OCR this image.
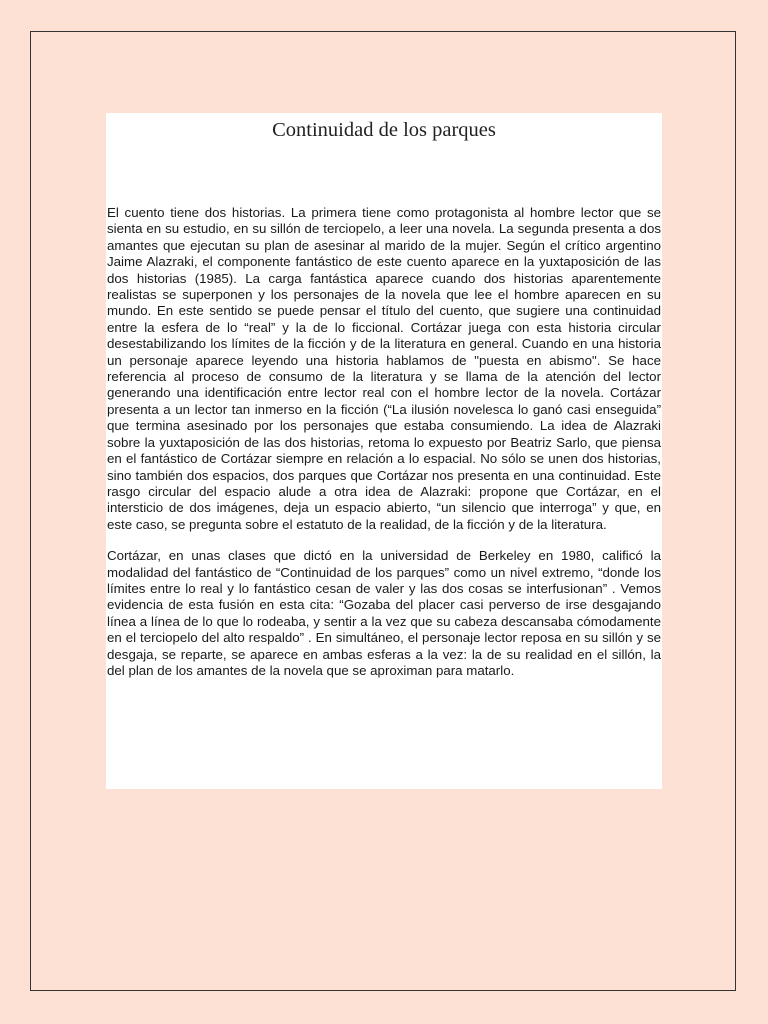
Continuidad de los parques

El cuento tiene dos historias. La primera tiene como protagonista al hombre lector que se sienta en su estudio, en su sillón de terciopelo, a leer una novela. La segunda presenta a dos amantes que ejecutan su plan de asesinar al marido de la mujer. Según el crítico argentino Jaime Alazraki, el componente fantástico de este cuento aparece en la yuxtaposición de las dos historias (1985). La carga fantástica aparece cuando dos historias aparentemente realistas se superponen y los personajes de la novela que lee el hombre aparecen en su mundo. En este sentido se puede pensar el título del cuento, que sugiere una continuidad entre la esfera de lo “real” y la de lo ficcional. Cortázar juega con esta historia circular desestabilizando los límites de la ficción y de la literatura en general. Cuando en una historia un personaje aparece leyendo una historia hablamos de "puesta en abismo". Se hace referencia al proceso de consumo de la literatura y se llama de la atención del lector generando una identificación entre lector real con el hombre lector de la novela. Cortázar presenta a un lector tan inmerso en la ficción (“La ilusión novelesca lo ganó casi enseguida” que termina asesinado por los personajes que estaba consumiendo. La idea de Alazraki sobre la yuxtaposición de las dos historias, retoma lo expuesto por Beatriz Sarlo, que piensa en el fantástico de Cortázar siempre en relación a lo espacial. No sólo se unen dos historias, sino también dos espacios, dos parques que Cortázar nos presenta en una continuidad. Este rasgo circular del espacio alude a otra idea de Alazraki: propone que Cortázar, en el intersticio de dos imágenes, deja un espacio abierto, “un silencio que interroga” y que, en este caso, se pregunta sobre el estatuto de la realidad, de la ficción y de la literatura.

Cortázar, en unas clases que dictó en la universidad de Berkeley en 1980, calificó la modalidad del fantástico de “Continuidad de los parques” como un nivel extremo, “donde los límites entre lo real y lo fantástico cesan de valer y las dos cosas se interfusionan” . Vemos evidencia de esta fusión en esta cita: “Gozaba del placer casi perverso de irse desgajando línea a línea de lo que lo rodeaba, y sentir a la vez que su cabeza descansaba cómodamente en el terciopelo del alto respaldo” . En simultáneo, el personaje lector reposa en su sillón y se desgaja, se reparte, se aparece en ambas esferas a la vez: la de su realidad en el sillón, la del plan de los amantes de la novela que se aproximan para matarlo.
